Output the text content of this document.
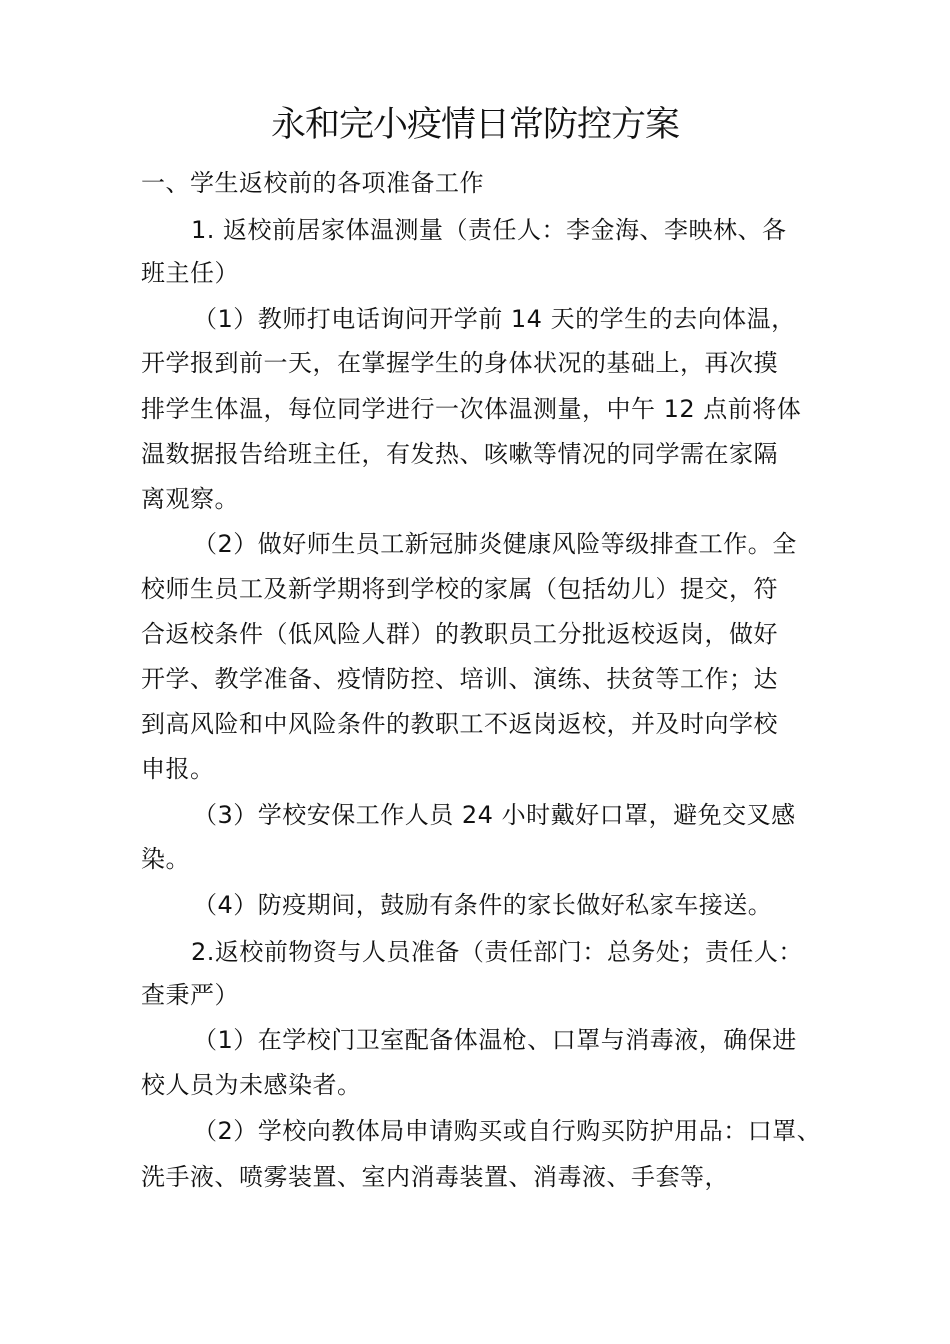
永和完小疫情日常防控方案
一、学生返校前的各项准备工作
1. 返校前居家体温测量（责任人：李金海、李映林、各
班主任）
（1）教师打电话询问开学前 14 天的学生的去向体温，
开学报到前一天，在掌握学生的身体状况的基础上，再次摸
排学生体温，每位同学进行一次体温测量，中午 12 点前将体
温数据报告给班主任，有发热、咳嗽等情况的同学需在家隔
离观察。
（2）做好师生员工新冠肺炎健康风险等级排查工作。全
校师生员工及新学期将到学校的家属（包括幼儿）提交，符
合返校条件（低风险人群）的教职员工分批返校返岗，做好
开学、教学准备、疫情防控、培训、演练、扶贫等工作；达
到高风险和中风险条件的教职工不返岗返校，并及时向学校
申报。
（3）学校安保工作人员 24 小时戴好口罩，避免交叉感
染。
（4）防疫期间，鼓励有条件的家长做好私家车接送。
2.返校前物资与人员准备（责任部门：总务处；责任人：
查秉严）
（1）在学校门卫室配备体温枪、口罩与消毒液，确保进
校人员为未感染者。
（2）学校向教体局申请购买或自行购买防护用品：口罩、
洗手液、喷雾装置、室内消毒装置、消毒液、手套等，
